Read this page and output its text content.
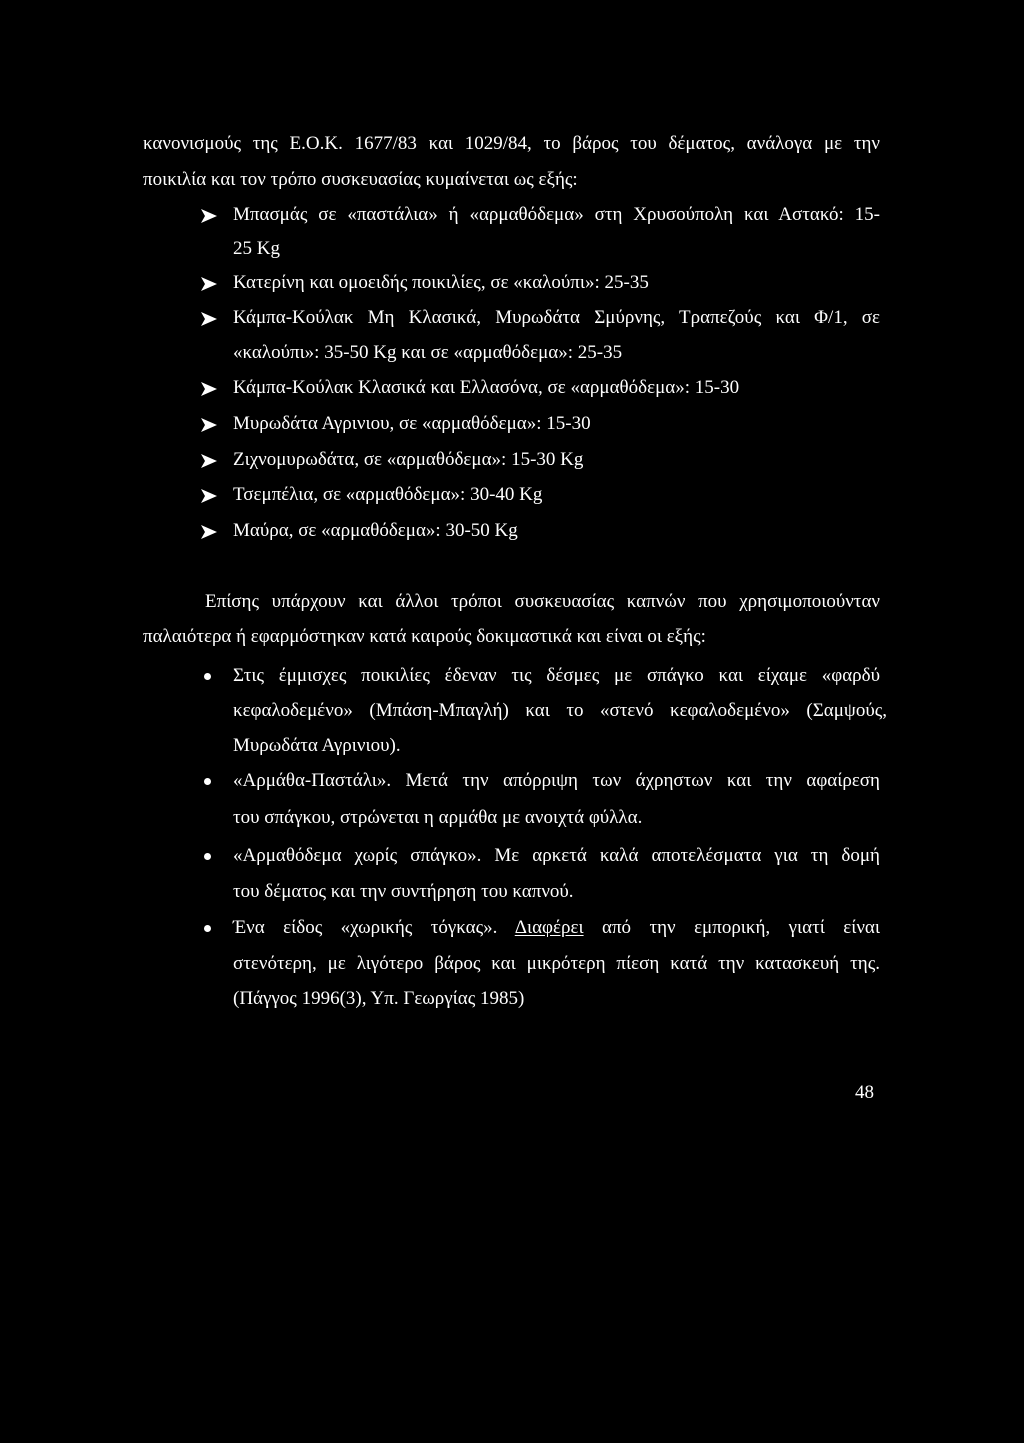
κανονισμούς της Ε.Ο.Κ. 1677/83 και 1029/84, το βάρος του δέματος, ανάλογα με την
ποικιλία και τον τρόπο συσκευασίας κυμαίνεται ως εξής:
Μπασμάς σε «παστάλια» ή «αρμαθόδεμα» στη Χρυσούπολη και Αστακό: 15-
25 Kg
Κατερίνη και ομοειδής ποικιλίες, σε «καλούπι»: 25-35
Κάμπα-Κούλακ Μη Κλασικά, Μυρωδάτα Σμύρνης, Τραπεζούς και Φ/1, σε
«καλούπι»: 35-50 Kg και σε «αρμαθόδεμα»: 25-35
Κάμπα-Κούλακ Κλασικά και Ελλασόνα, σε «αρμαθόδεμα»: 15-30
Μυρωδάτα Αγρινιου, σε «αρμαθόδεμα»: 15-30
Ζιχνομυρωδάτα, σε «αρμαθόδεμα»: 15-30 Kg
Τσεμπέλια, σε «αρμαθόδεμα»: 30-40 Kg
Μαύρα, σε «αρμαθόδεμα»: 30-50 Kg
Επίσης υπάρχουν και άλλοι τρόποι συσκευασίας καπνών που χρησιμοποιούνταν
παλαιότερα ή εφαρμόστηκαν κατά καιρούς δοκιμαστικά και είναι οι εξής:
Στις έμμισχες ποικιλίες έδεναν τις δέσμες με σπάγκο και είχαμε «φαρδύ
κεφαλοδεμένο» (Μπάση-Μπαγλή) και το «στενό κεφαλοδεμένο» (Σαμψούς,
Μυρωδάτα Αγρινιου).
«Αρμάθα-Παστάλι». Μετά την απόρριψη των άχρηστων και την αφαίρεση
του σπάγκου, στρώνεται η αρμάθα με ανοιχτά φύλλα.
«Αρμαθόδεμα χωρίς σπάγκο». Με αρκετά καλά αποτελέσματα για τη δομή
του δέματος και την συντήρηση του καπνού.
Ένα είδος «χωρικής τόγκας». Διαφέρει από την εμπορική, γιατί είναι
στενότερη, με λιγότερο βάρος και μικρότερη πίεση κατά την κατασκευή της.
(Πάγγος 1996(3), Υπ. Γεωργίας 1985)
48
